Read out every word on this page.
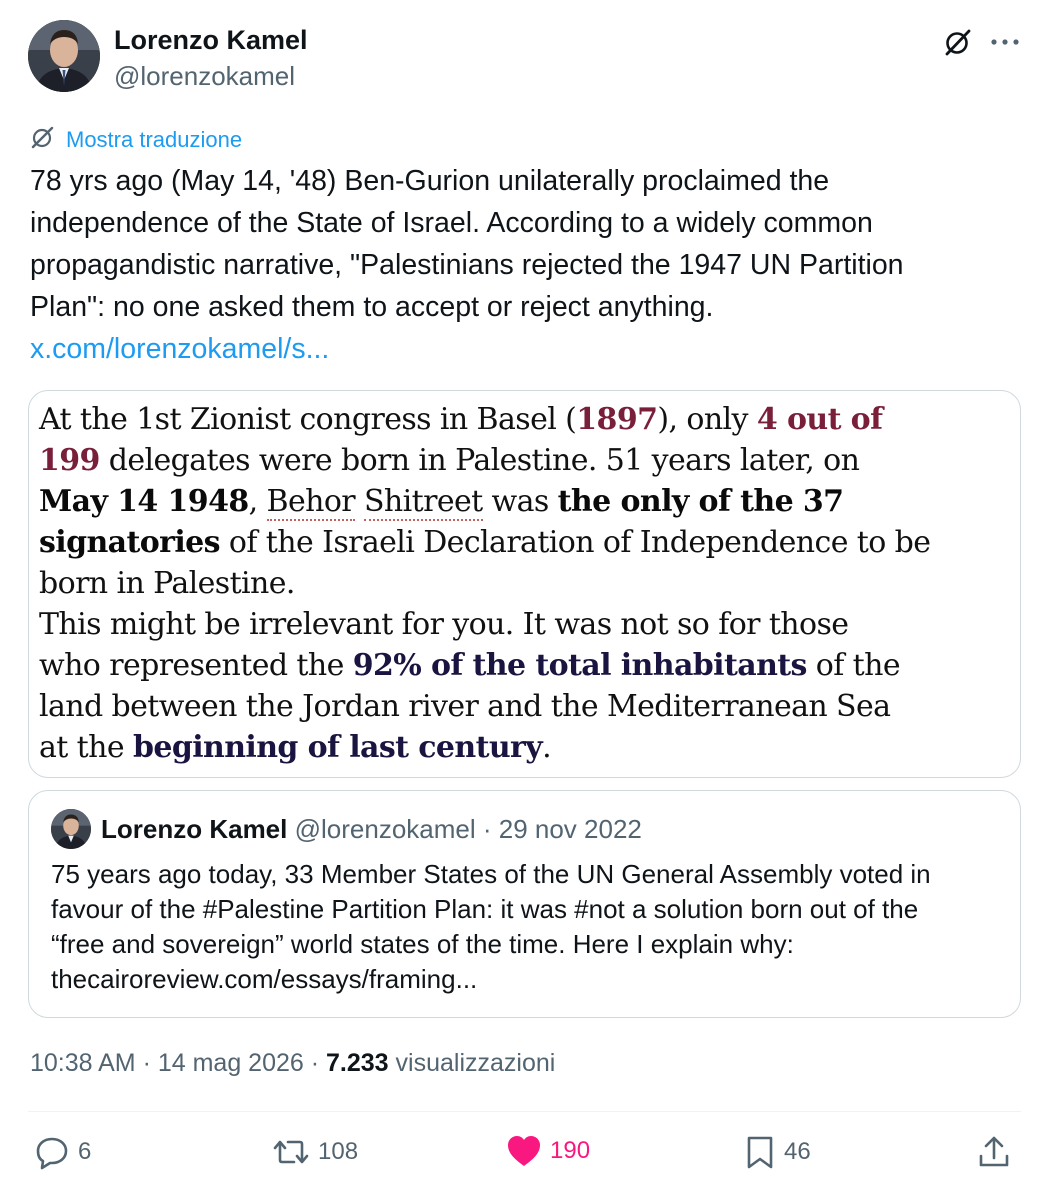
Lorenzo Kamel
@lorenzokamel
Mostra traduzione
78 yrs ago (May 14, '48) Ben-Gurion unilaterally proclaimed the
independence of the State of Israel. According to a widely common
propagandistic narrative, "Palestinians rejected the 1947 UN Partition
Plan": no one asked them to accept or reject anything.
x.com/lorenzokamel/s...
At the 1st Zionist congress in Basel (1897), only 4 out of
199 delegates were born in Palestine. 51 years later, on
May 14 1948, Behor Shitreet was the only of the 37
signatories of the Israeli Declaration of Independence to be
born in Palestine.
This might be irrelevant for you. It was not so for those
who represented the 92% of the total inhabitants of the
land between the Jordan river and the Mediterranean Sea
at the beginning of last century.
Lorenzo Kamel @lorenzokamel · 29 nov 2022
75 years ago today, 33 Member States of the UN General Assembly voted in
favour of the #Palestine Partition Plan: it was #not a solution born out of the
“free and sovereign” world states of the time. Here I explain why:
thecairoreview.com/essays/framing...
10:38 AM · 14 mag 2026 · 7.233 visualizzazioni
6	108	190	46
